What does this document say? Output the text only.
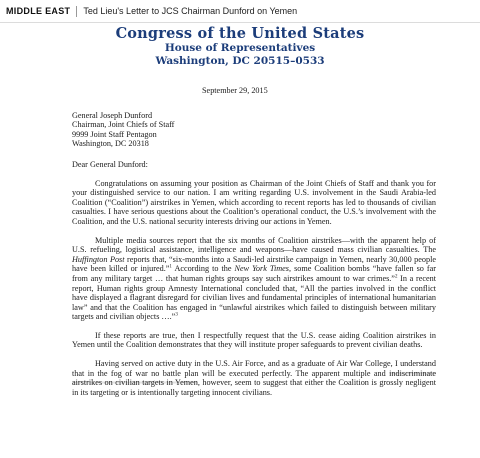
MIDDLE EAST Ted Lieu's Letter to JCS Chairman Dunford on Yemen
Congress of the United States
House of Representatives
Washington, DC 20515–0533
September 29, 2015
General Joseph Dunford
Chairman, Joint Chiefs of Staff
9999 Joint Staff Pentagon
Washington, DC 20318
Dear General Dunford:

Congratulations on assuming your position as Chairman of the Joint Chiefs of Staff and thank you for your distinguished service to our nation. I am writing regarding U.S. involvement in the Saudi Arabia-led Coalition (“Coalition”) airstrikes in Yemen, which according to recent reports has led to thousands of civilian casualties. I have serious questions about the Coalition’s operational conduct, the U.S.’s involvement with the Coalition, and the U.S. national security interests driving our actions in Yemen.

Multiple media sources report that the six months of Coalition airstrikes—with the apparent help of U.S. refueling, logistical assistance, intelligence and weapons—have caused mass civilian casualties. The Huffington Post reports that, “six-months into a Saudi-led airstrike campaign in Yemen, nearly 30,000 people have been killed or injured.”$^1$ According to the New York Times, some Coalition bombs “have fallen so far from any military target … that human rights groups say such airstrikes amount to war crimes.”$^2$ In a recent report, Human rights group Amnesty International concluded that, “All the parties involved in the conflict have displayed a flagrant disregard for civilian lives and fundamental principles of international humanitarian law” and that the Coalition has engaged in “unlawful airstrikes which failed to distinguish between military targets and civilian objects ….”$^3$

If these reports are true, then I respectfully request that the U.S. cease aiding Coalition airstrikes in Yemen until the Coalition demonstrates that they will institute proper safeguards to prevent civilian deaths.

Having served on active duty in the U.S. Air Force, and as a graduate of Air War College, I understand that in the fog of war no battle plan will be executed perfectly. The apparent multiple and indiscriminate airstrikes on civilian targets in Yemen, however, seem to suggest that either the Coalition is grossly negligent in its targeting or is intentionally targeting innocent civilians.
